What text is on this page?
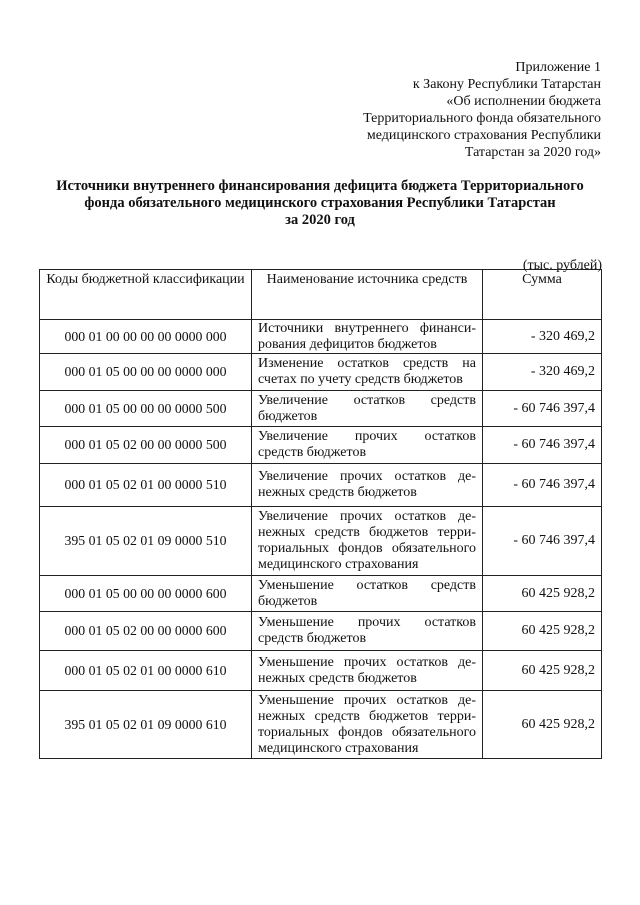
Приложение 1
к Закону Республики Татарстан
«Об исполнении бюджета
Территориального фонда обязательного
медицинского страхования Республики
Татарстан за 2020 год»
Источники внутреннего финансирования дефицита бюджета Территориального
фонда обязательного медицинского страхования Республики Татарстан
за 2020 год
(тыс. рублей)
Коды бюджетной классификации	Наименование источника средств	Сумма
000 01 00 00 00 00 0000 000	Источники внутреннего финанси-рования дефицитов бюджетов	- 320 469,2
000 01 05 00 00 00 0000 000	Изменение остатков средств на счетах по учету средств бюджетов	- 320 469,2
000 01 05 00 00 00 0000 500	Увеличение остатков средств бюджетов	- 60 746 397,4
000 01 05 02 00 00 0000 500	Увеличение прочих остатков средств бюджетов	- 60 746 397,4
000 01 05 02 01 00 0000 510	Увеличение прочих остатков де-нежных средств бюджетов	- 60 746 397,4
395 01 05 02 01 09 0000 510	Увеличение прочих остатков де-нежных средств бюджетов терри-ториальных фондов обязательного медицинского страхования	- 60 746 397,4
000 01 05 00 00 00 0000 600	Уменьшение остатков средств бюджетов	60 425 928,2
000 01 05 02 00 00 0000 600	Уменьшение прочих остатков средств бюджетов	60 425 928,2
000 01 05 02 01 00 0000 610	Уменьшение прочих остатков де-нежных средств бюджетов	60 425 928,2
395 01 05 02 01 09 0000 610	Уменьшение прочих остатков де-нежных средств бюджетов терри-ториальных фондов обязательного медицинского страхования	60 425 928,2
